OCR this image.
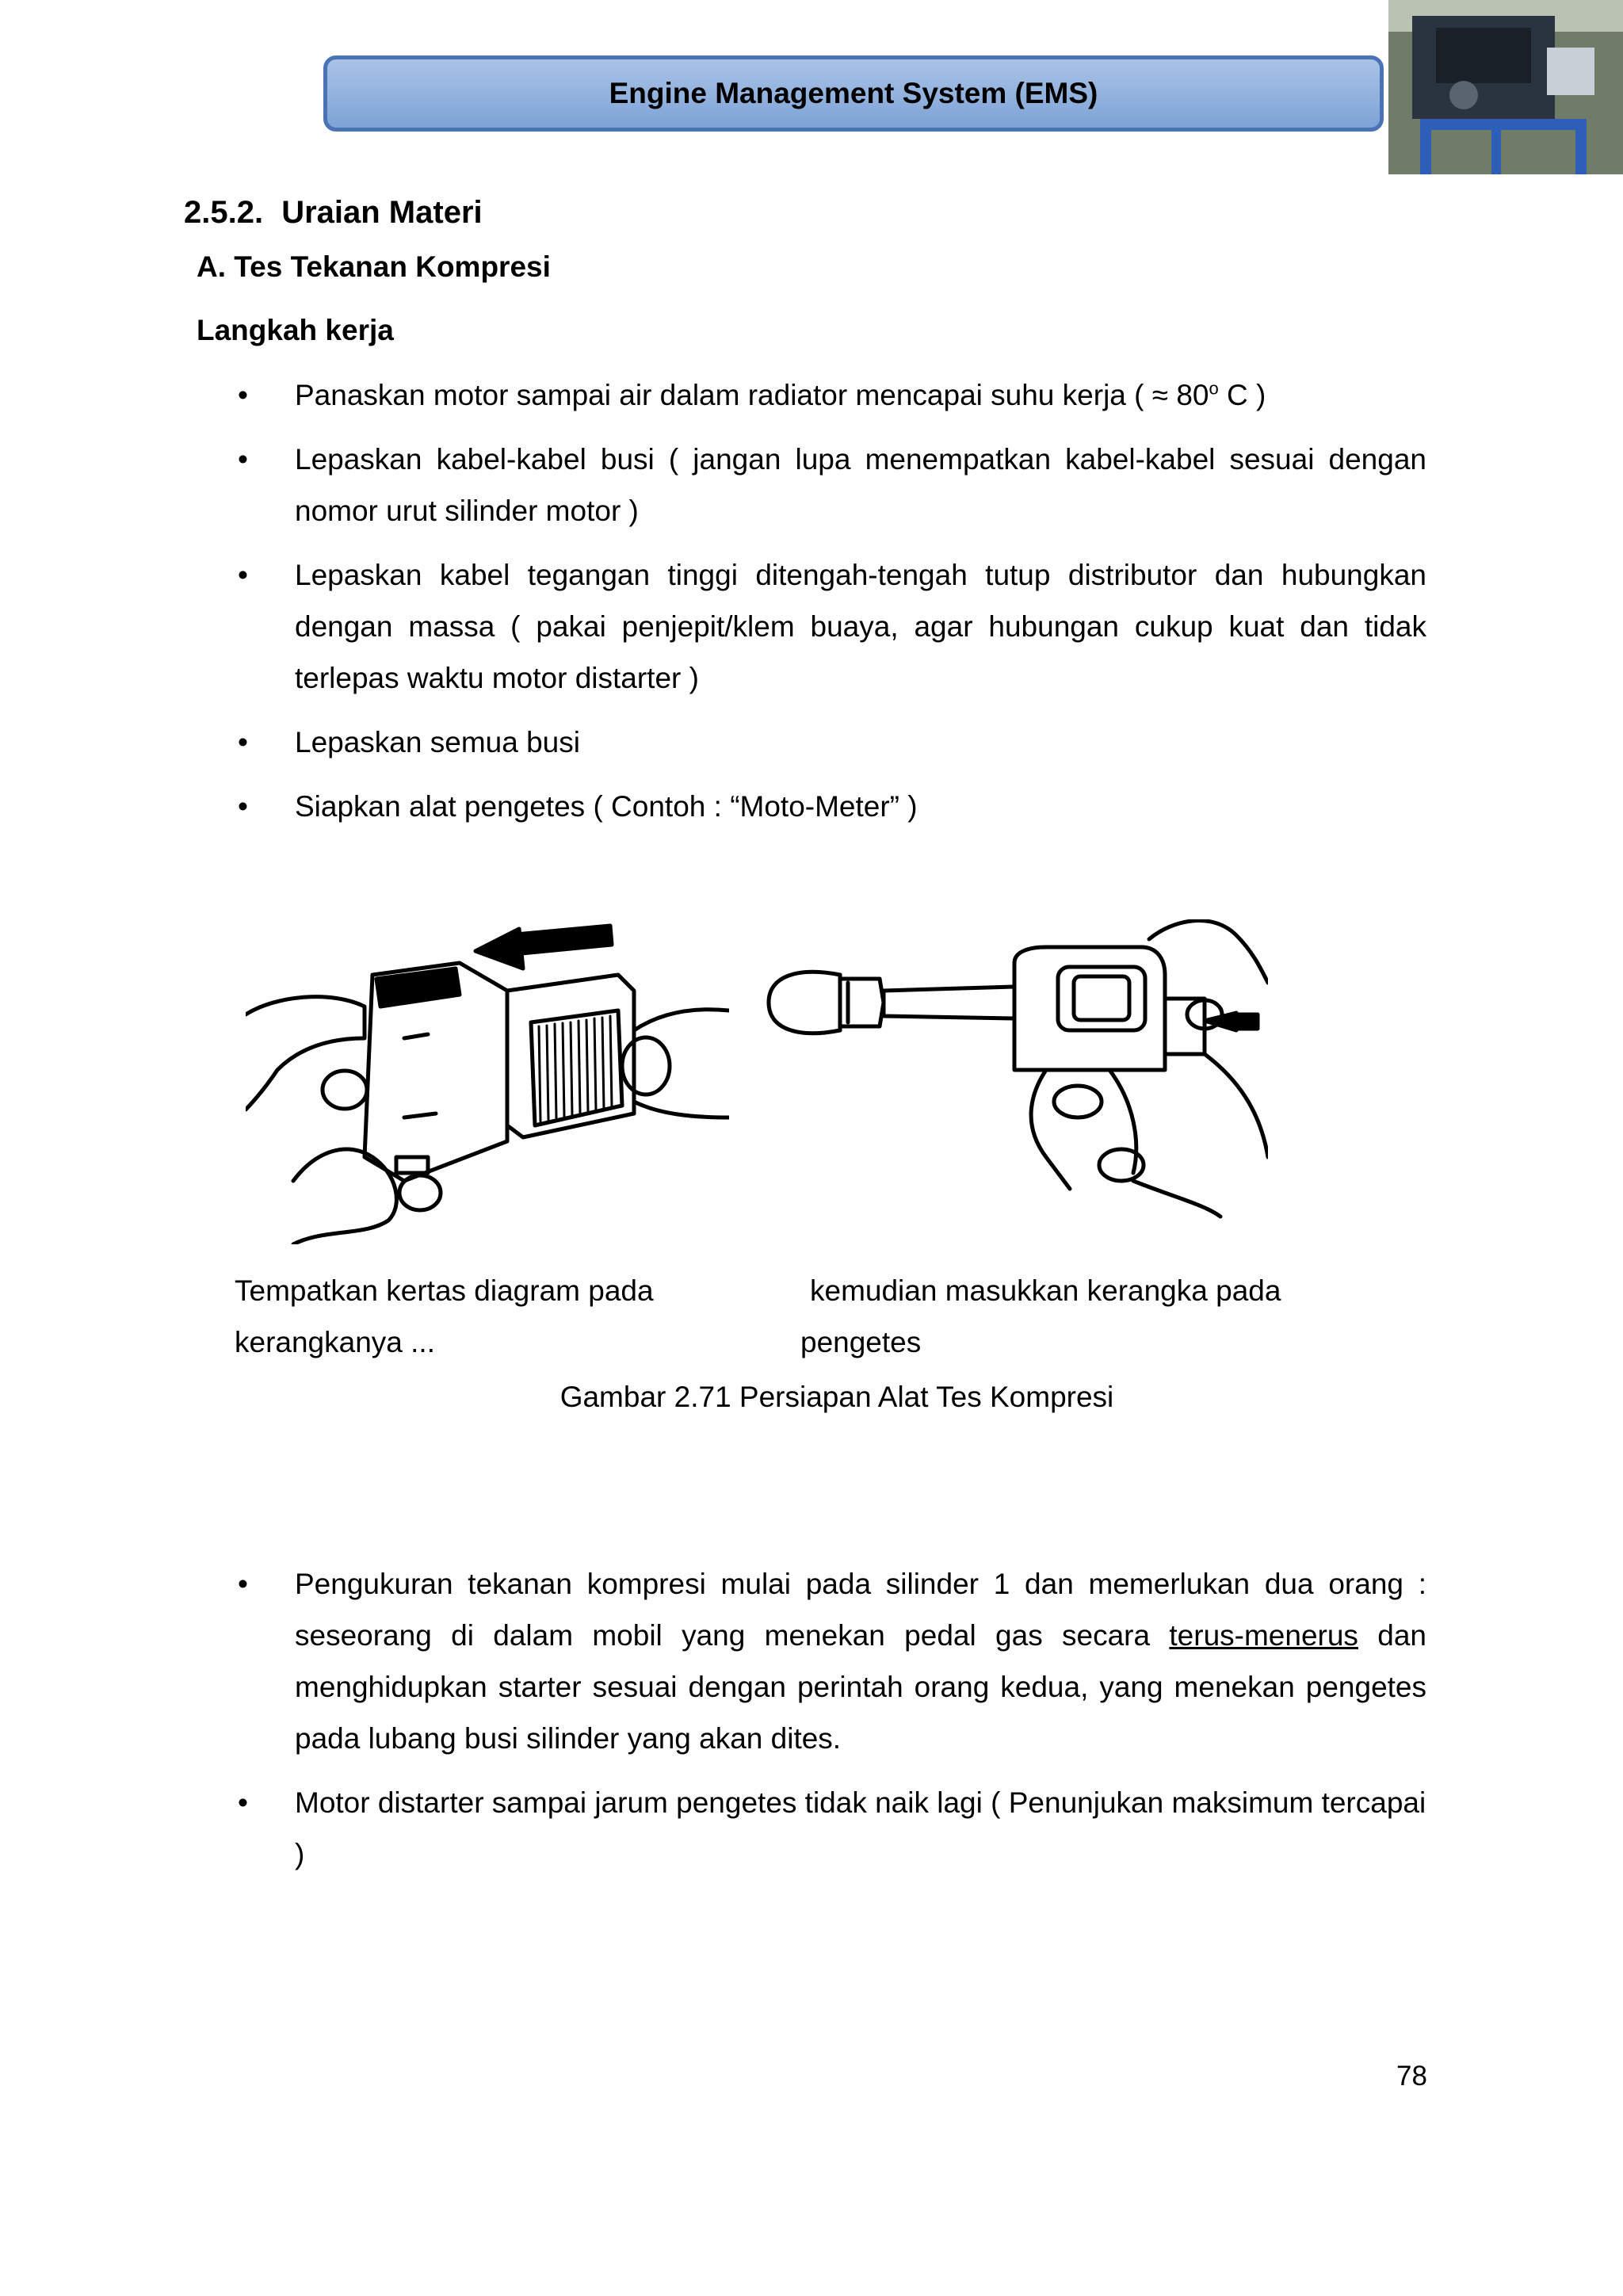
Engine Management System (EMS)
2.5.2. Uraian Materi
A. Tes Tekanan Kompresi
Langkah kerja
• Panaskan motor sampai air dalam radiator mencapai suhu kerja ( ≈ $80^o$ C )
• Lepaskan kabel-kabel busi ( jangan lupa menempatkan kabel-kabel sesuai dengan nomor urut silinder motor )
• Lepaskan kabel tegangan tinggi ditengah-tengah tutup distributor dan hubungkan dengan massa ( pakai penjepit/klem buaya, agar hubungan cukup kuat dan tidak terlepas waktu motor distarter )
• Lepaskan semua busi
• Siapkan alat pengetes ( Contoh : “Moto-Meter” )
Tempatkan kertas diagram pada
kerangkanya ...
kemudian masukkan kerangka pada
pengetes
Gambar 2.71 Persiapan Alat Tes Kompresi
• Pengukuran tekanan kompresi mulai pada silinder 1 dan memerlukan dua orang : seseorang di dalam mobil yang menekan pedal gas secara terus-menerus dan menghidupkan starter sesuai dengan perintah orang kedua, yang menekan pengetes pada lubang busi silinder yang akan dites.
• Motor distarter sampai jarum pengetes tidak naik lagi ( Penunjukan maksimum tercapai )
78
